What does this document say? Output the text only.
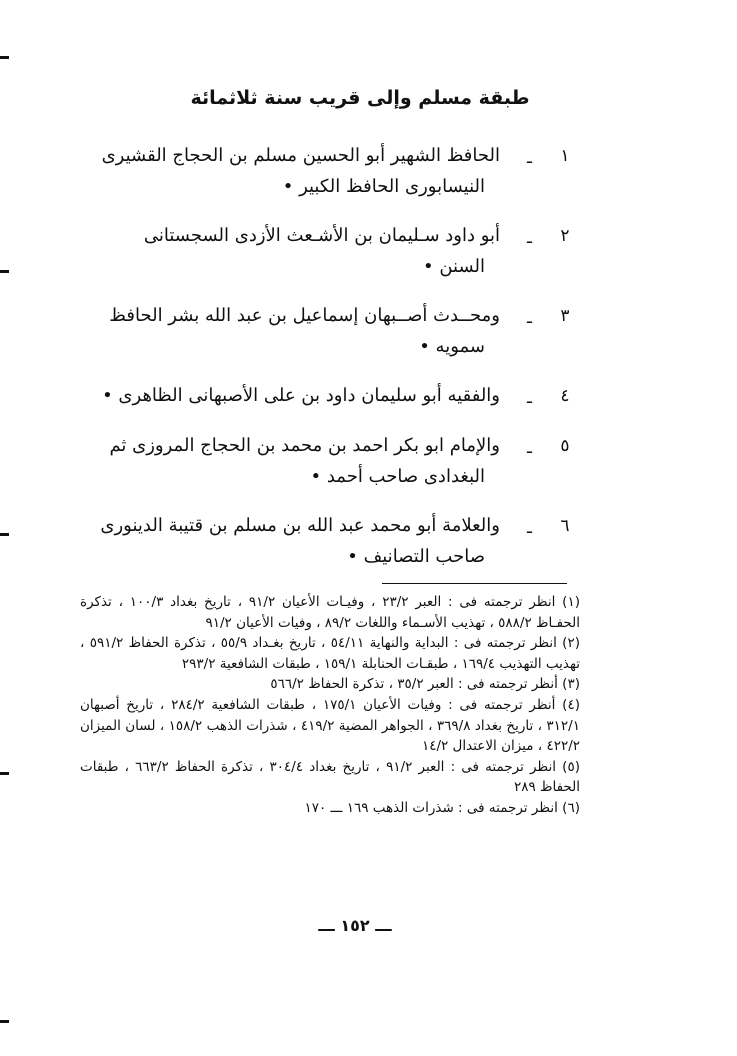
طبقة مسلم وإلى قريب سنة ثلاثمائة
١
ـ
الحافظ الشهير أبو الحسين مسلم بن الحجاج القشيرى
النيسابورى الحافظ الكبير •
٢
ـ
أبو داود سـليمان بن الأشـعث الأزدى السجستانى
السنن •
٣
ـ
ومحــدث أصــبهان إسماعيل بن عبد الله بشر الحافظ
سمويه •
٤
ـ
والفقيه أبو سليمان داود بن على الأصبهانى الظاهرى •
٥
ـ
والإمام ابو بكر احمد بن محمد بن الحجاج المروزى ثم
البغدادى صاحب أحمد •
٦
ـ
والعلامة أبو محمد عبد الله بن مسلم بن قتيبة الدينورى
صاحب التصانيف •

(١) انظر ترجمته فى : العبر ٢٣/٢ ، وفيـات الأعيان ٩١/٢ ، تاريخ بغداد ١٠٠/٣ ، تذكرة الحفـاظ ٥٨٨/٢ ، تهذيب الأسـماء واللغات ٨٩/٢ ، وفيات الأعيان ٩١/٢

(٢) انظر ترجمته فى : البداية والنهاية ٥٤/١١ ، تاريخ بغـداد ٥٥/٩ ، تذكرة الحفاظ ٥٩١/٢ ، تهذيب التهذيب ١٦٩/٤ ، طبقـات الحنابلة ١٥٩/١ ، طبقات الشافعية ٢٩٣/٢

(٣) أنظر ترجمته فى : العبر ٣٥/٢ ، تذكرة الحفاظ ٥٦٦/٢

(٤) أنظر ترجمته فى : وفيات الأعيان ١٧٥/١ ، طبقات الشافعية ٢٨٤/٢ ، تاريخ أصبهان ٣١٢/١ ، تاريخ بغداد ٣٦٩/٨ ، الجواهر المضية ٤١٩/٢ ، شذرات الذهب ١٥٨/٢ ، لسان الميزان ٤٢٢/٢ ، ميزان الاعتدال ١٤/٢

(٥) انظر ترجمته فى : العبر ٩١/٢ ، تاريخ بغداد ٣٠٤/٤ ، تذكرة الحفاظ ٦٦٣/٢ ، طبقات الحفاظ ٢٨٩

(٦) انظر ترجمته فى : شذرات الذهب ١٦٩ ـــ ١٧٠

ـــ ١٥٢ ـــ
